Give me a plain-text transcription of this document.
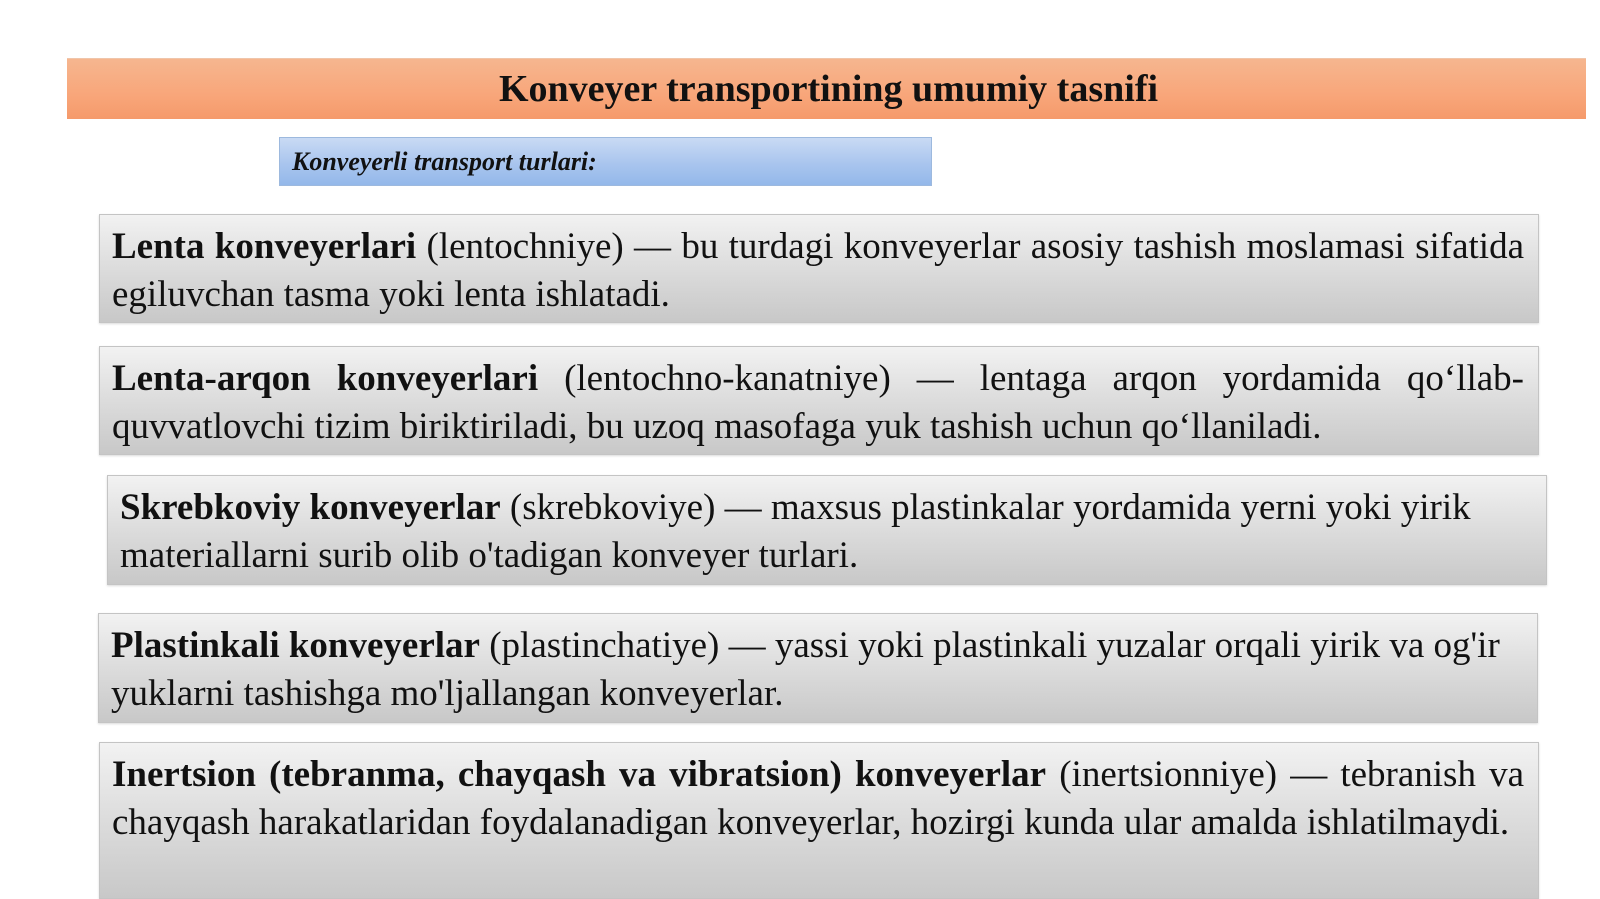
Konveyer transportining umumiy tasnifi
Konveyerli transport turlari:
Lenta konveyerlari (lentochniye) — bu turdagi konveyerlar asosiy tashish moslamasi sifatida egiluvchan tasma yoki lenta ishlatadi.
Lenta-arqon konveyerlari (lentochno-kanatniye) — lentaga arqon yordamida qo‘llab-quvvatlovchi tizim biriktiriladi, bu uzoq masofaga yuk tashish uchun qo‘llaniladi.
Skrebkoviy konveyerlar (skrebkoviye) — maxsus plastinkalar yordamida yerni yoki yirik materiallarni surib olib o'tadigan konveyer turlari.
Plastinkali konveyerlar (plastinchatiye) — yassi yoki plastinkali yuzalar orqali yirik va og'ir yuklarni tashishga mo'ljallangan konveyerlar.
Inertsion (tebranma, chayqash va vibratsion) konveyerlar (inertsionniye) — tebranish va chayqash harakatlaridan foydalanadigan konveyerlar, hozirgi kunda ular amalda ishlatilmaydi.
